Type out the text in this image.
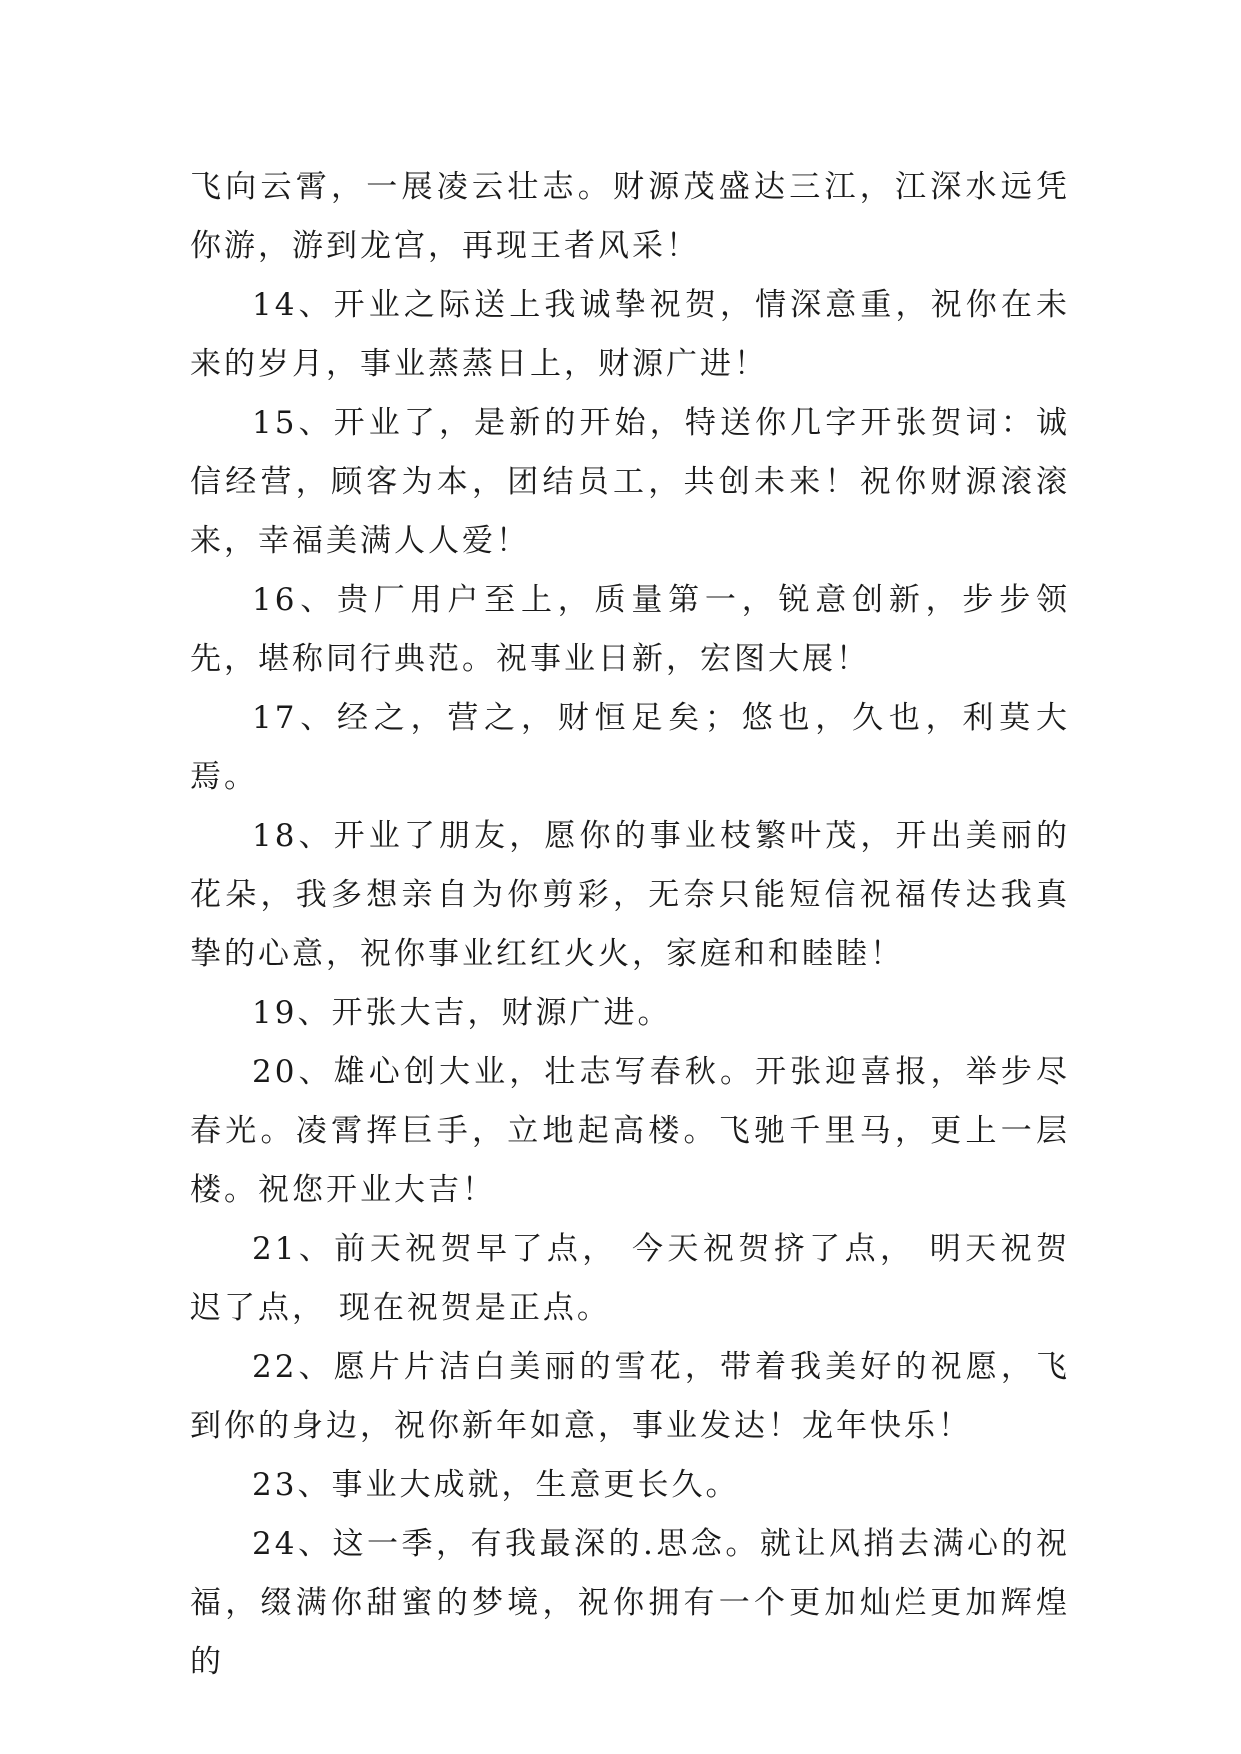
飞向云霄，一展凌云壮志。财源茂盛达三江，江深水远凭你游，游到龙宫，再现王者风采！

14、开业之际送上我诚挚祝贺，情深意重，祝你在未来的岁月，事业蒸蒸日上，财源广进！

15、开业了，是新的开始，特送你几字开张贺词：诚信经营，顾客为本，团结员工，共创未来！祝你财源滚滚来，幸福美满人人爱！

16、贵厂用户至上，质量第一，锐意创新，步步领先，堪称同行典范。祝事业日新，宏图大展！

17、经之，营之，财恒足矣；悠也，久也，利莫大焉。

18、开业了朋友，愿你的事业枝繁叶茂，开出美丽的花朵，我多想亲自为你剪彩，无奈只能短信祝福传达我真挚的心意，祝你事业红红火火，家庭和和睦睦！

19、开张大吉，财源广进。

20、雄心创大业，壮志写春秋。开张迎喜报，举步尽春光。凌霄挥巨手，立地起高楼。飞驰千里马，更上一层楼。祝您开业大吉！

21、前天祝贺早了点， 今天祝贺挤了点， 明天祝贺迟了点， 现在祝贺是正点。

22、愿片片洁白美丽的雪花，带着我美好的祝愿，飞到你的身边，祝你新年如意，事业发达！龙年快乐！

23、事业大成就，生意更长久。

24、这一季，有我最深的.思念。就让风捎去满心的祝福，缀满你甜蜜的梦境，祝你拥有一个更加灿烂更加辉煌的
